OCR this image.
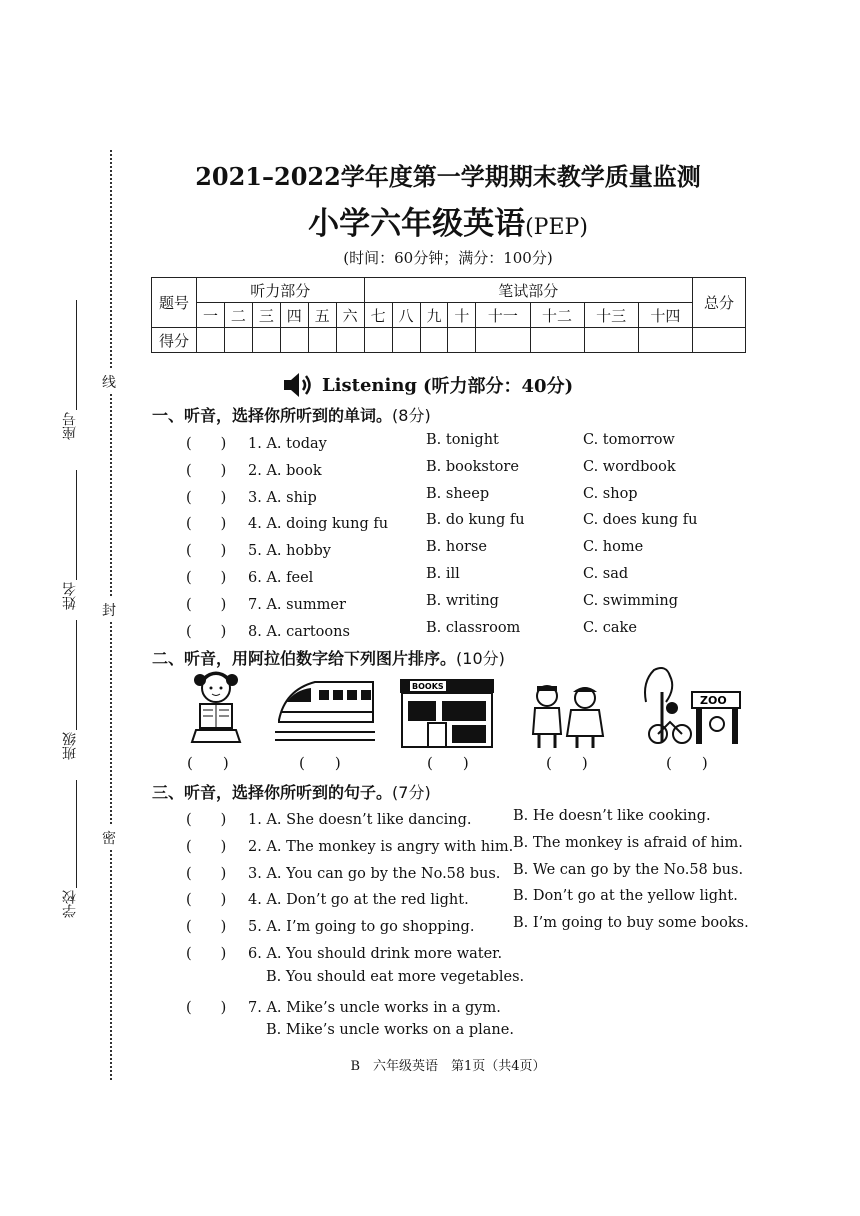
线
封
密
座号
姓名
班级
学校
2021–2022学年度第一学期期末教学质量监测
小学六年级英语(PEP)
(时间：60分钟；满分：100分)
题号	听力部分						笔试部分								总分
	一	二	三	四	五	六	七	八	九	十	十一	十二	十三	十四	
得分															
Listening (听力部分：40分)
一、听音，选择你所听到的单词。(8分)
(　　) 1. A. today	B. tonight	C. tomorrow
(　　) 2. A. book	B. bookstore	C. wordbook
(　　) 3. A. ship	B. sheep	C. shop
(　　) 4. A. doing kung fu	B. do kung fu	C. does kung fu
(　　) 5. A. hobby	B. horse	C. home
(　　) 6. A. feel	B. ill	C. sad
(　　) 7. A. summer	B. writing	C. swimming
(　　) 8. A. cartoons	B. classroom	C. cake
二、听音，用阿拉伯数字给下列图片排序。(10分)
BOOKS
ZOO
(　　)	(　　)	(　　)	(　　)	(　　)
三、听音，选择你所听到的句子。(7分)
(　　) 1. A. She doesn’t like dancing.	B. He doesn’t like cooking.
(　　) 2. A. The monkey is angry with him. B. The monkey is afraid of him.
(　　) 3. A. You can go by the No.58 bus. B. We can go by the No.58 bus.
(　　) 4. A. Don’t go at the red light.	B. Don’t go at the yellow light.
(　　) 5. A. I’m going to go shopping.	B. I’m going to buy some books.
(　　) 6. A. You should drink more water.
B. You should eat more vegetables.
(　　) 7. A. Mike’s uncle works in a gym.
B. Mike’s uncle works on a plane.
B　六年级英语　第1页（共4页）
